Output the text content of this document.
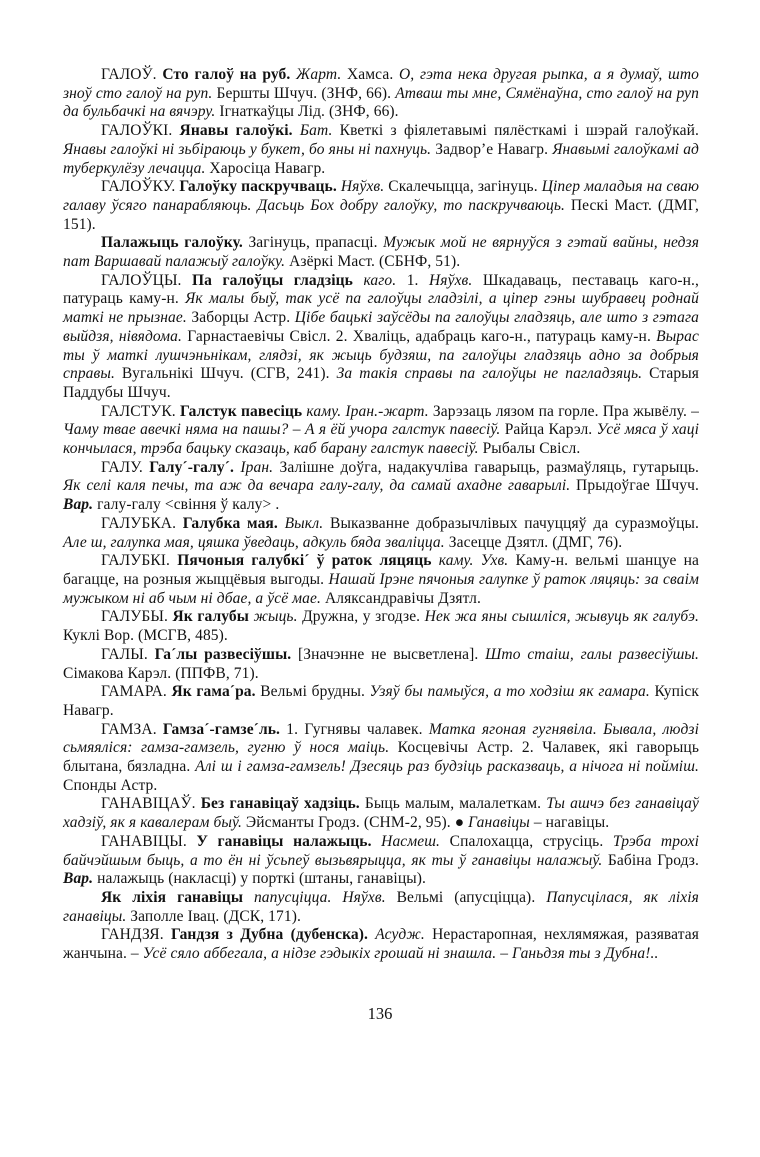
ГАЛОЎ. Сто галоў на руб. Жарт. Хамса. О, гэта нека другая рыпка, а я думаў, што зноў сто галоў на руп. Бершты Шчуч. (ЗНФ, 66). Атваш ты мне, Сямёнаўна, сто галоў на руп да бульбачкі на вячэру. Ігнаткаўцы Лід. (ЗНФ, 66).

ГАЛОЎКІ. Янавы галоўкі. Бат. Кветкі з фіялетавымі пялёсткамі і шэрай галоўкай. Янавы галоўкі ні зьбіраюць у букет, бо яны ні пахнуць. Задвор’е Навагр. Янавымі галоўкамі ад туберкулёзу лечацца. Харосіца Навагр.

ГАЛОЎКУ. Галоўку паскручваць. Няўхв. Скалечыцца, загінуць. Ціпер маладыя на сваю галаву ўсяго панарабляюць. Дасьць Бох добру галоўку, то паскручваюць. Пескі Маст. (ДМГ, 151).

Палажыць галоўку. Загінуць, прапасці. Мужык мой не вярнуўся з гэтай вайны, недзя пат Варшавай палажыў галоўку. Азёркі Маст. (СБНФ, 51).

ГАЛОЎЦЫ. Па галоўцы гладзіць каго. 1. Няўхв. Шкадаваць, пеставаць каго-н., патураць каму-н. Як малы быў, так усё па галоўцы гладзілі, а ціпер гэны шубравец роднай маткі не прызнае. Заборцы Астр. Цібе бацькі заўсёды па галоўцы гладзяць, але што з гэтага выйдзя, нівядома. Гарнастаевічы Свісл. 2. Хваліць, адабраць каго-н., патураць каму-н. Вырас ты ў маткі лушчэньнікам, глядзі, як жыць будзяш, па галоўцы гладзяць адно за добрыя справы. Вугальнікі Шчуч. (СГВ, 241). За такія справы па галоўцы не пагладзяць. Старыя Паддубы Шчуч.

ГАЛСТУК. Галстук павесіць каму. Іран.-жарт. Зарэзаць лязом па горле. Пра жывёлу. – Чаму твае авечкі няма на пашы? – А я ёй учора галстук павесіў. Райца Карэл. Усё мяса ў хаці кончылася, трэба бацьку сказаць, каб барану галстук павесіў. Рыбалы Свісл.

ГАЛУ. Галу´-галу´. Іран. Залішне доўга, надакучліва гаварыць, размаўляць, гутарыць. Як селі каля печы, та аж да вечара галу-галу, да самай ахадне гаварылі. Прыдоўгае Шчуч. Вар. галу-галу <свіння ў калу> .

ГАЛУБКА. Галубка мая. Выкл. Выказванне добразычлівых пачуццяў да суразмоўцы. Але ш, галупка мая, цяшка ўведаць, адкуль бяда зваліцца. Засецце Дзятл. (ДМГ, 76).

ГАЛУБКІ. Пячоныя галубкі´ ў раток ляцяць каму. Ухв. Каму-н. вельмі шанцуе на багацце, на розныя жыццёвыя выгоды. Нашай Ірэне пячоныя галупке ў раток ляцяць: за сваім мужыком ні аб чым ні дбае, а ўсё мае. Аляксандравічы Дзятл.

ГАЛУБЫ. Як галубы жыць. Дружна, у згодзе. Нек жа яны сышліся, жывуць як галубэ. Куклі Вор. (МСГВ, 485).

ГАЛЫ. Га´лы развесіўшы. [Значэнне не высветлена]. Што стаіш, галы развесіўшы. Сімакова Карэл. (ППФВ, 71).

ГАМАРА. Як гама´ра. Вельмі брудны. Узяў бы памыўся, а то ходзіш як гамара. Купіск Навагр.

ГАМЗА. Гамза´-гамзе´ль. 1. Гугнявы чалавек. Матка ягоная гугнявіла. Бывала, людзі сьмяяліся: гамза-гамзель, гугню ў нося маіць. Косцевічы Астр. 2. Чалавек, які гаворыць блытана, бязладна. Алі ш і гамза-гамзель! Дзесяць раз будзіць расказваць, а нічога ні пойміш. Спонды Астр.

ГАНАВІЦАЎ. Без ганавіцаў хадзіць. Быць малым, малалеткам. Ты ашчэ без ганавіцаў хадзіў, як я кавалерам быў. Эйсманты Гродз. (СНМ-2, 95). ● Ганавіцы – нагавіцы.

ГАНАВІЦЫ. У ганавіцы налажыць. Насмеш. Спалохацца, струсіць. Трэба трохі байчэйшым быць, а то ён ні ўсьпеў вызьвярыцца, як ты ў ганавіцы налажыў. Бабіна Гродз. Вар. налажыць (накласці) у порткі (штаны, ганавіцы).

Як ліхія ганавіцы папусціцца. Няўхв. Вельмі (апусціцца). Папусцілася, як ліхія ганавіцы. Заполле Івац. (ДСК, 171).

ГАНДЗЯ. Гандзя з Дубна (дубенска). Асудж. Нерастаропная, нехлямяжая, разяватая жанчына. – Усё сяло аббегала, а нідзе гэдыкіх грошай ні знашла. – Ганьдзя ты з Дубна!..

136
